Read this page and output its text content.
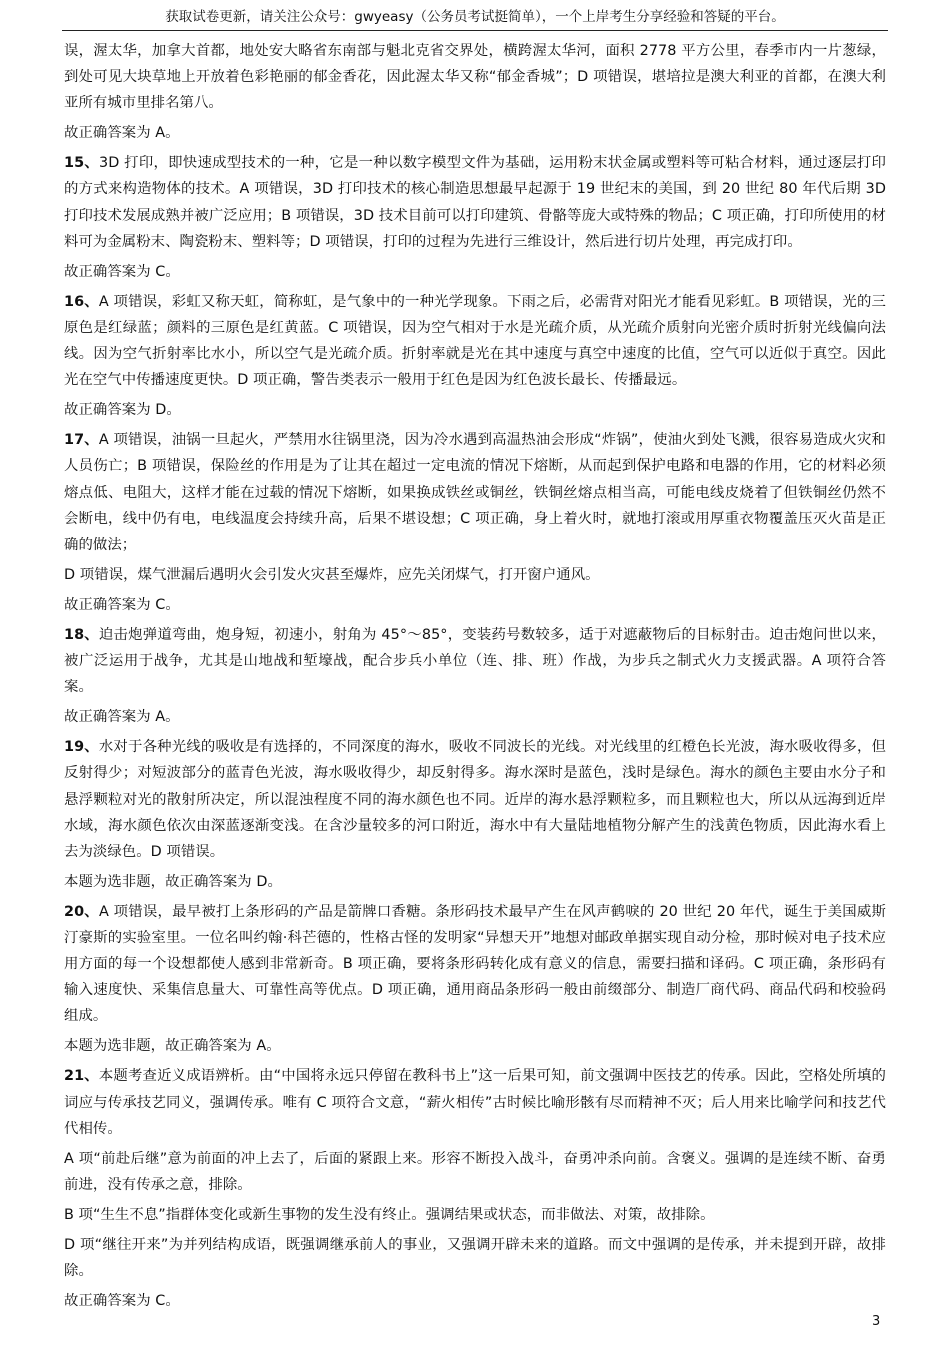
获取试卷更新，请关注公众号：gwyeasy（公务员考试挺简单），一个上岸考生分享经验和答疑的平台。

误，渥太华，加拿大首都，地处安大略省东南部与魁北克省交界处，横跨渥太华河，面积 2778 平方公里，春季市内一片葱绿，到处可见大块草地上开放着色彩艳丽的郁金香花，因此渥太华又称“郁金香城”；D 项错误，堪培拉是澳大利亚的首都，在澳大利亚所有城市里排名第八。

故正确答案为 A。

15、3D 打印，即快速成型技术的一种，它是一种以数字模型文件为基础，运用粉末状金属或塑料等可粘合材料，通过逐层打印的方式来构造物体的技术。A 项错误，3D 打印技术的核心制造思想最早起源于 19 世纪末的美国，到 20 世纪 80 年代后期 3D 打印技术发展成熟并被广泛应用；B 项错误，3D 技术目前可以打印建筑、骨骼等庞大或特殊的物品；C 项正确，打印所使用的材料可为金属粉末、陶瓷粉末、塑料等；D 项错误，打印的过程为先进行三维设计，然后进行切片处理，再完成打印。

故正确答案为 C。

16、A 项错误，彩虹又称天虹，简称虹，是气象中的一种光学现象。下雨之后，必需背对阳光才能看见彩虹。B 项错误，光的三原色是红绿蓝；颜料的三原色是红黄蓝。C 项错误，因为空气相对于水是光疏介质，从光疏介质射向光密介质时折射光线偏向法线。因为空气折射率比水小，所以空气是光疏介质。折射率就是光在其中速度与真空中速度的比值，空气可以近似于真空。因此光在空气中传播速度更快。D 项正确，警告类表示一般用于红色是因为红色波长最长、传播最远。

故正确答案为 D。

17、A 项错误，油锅一旦起火，严禁用水往锅里浇，因为冷水遇到高温热油会形成“炸锅”，使油火到处飞溅，很容易造成火灾和人员伤亡；B 项错误，保险丝的作用是为了让其在超过一定电流的情况下熔断，从而起到保护电路和电器的作用，它的材料必须熔点低、电阻大，这样才能在过载的情况下熔断，如果换成铁丝或铜丝，铁铜丝熔点相当高，可能电线皮烧着了但铁铜丝仍然不会断电，线中仍有电，电线温度会持续升高，后果不堪设想；C 项正确，身上着火时，就地打滚或用厚重衣物覆盖压灭火苗是正确的做法；

D 项错误，煤气泄漏后遇明火会引发火灾甚至爆炸，应先关闭煤气，打开窗户通风。

故正确答案为 C。

18、迫击炮弹道弯曲，炮身短，初速小，射角为 45°～85°，变装药号数较多，适于对遮蔽物后的目标射击。迫击炮问世以来，被广泛运用于战争，尤其是山地战和堑壕战，配合步兵小单位（连、排、班）作战，为步兵之制式火力支援武器。A 项符合答案。

故正确答案为 A。

19、水对于各种光线的吸收是有选择的，不同深度的海水，吸收不同波长的光线。对光线里的红橙色长光波，海水吸收得多，但反射得少；对短波部分的蓝青色光波，海水吸收得少，却反射得多。海水深时是蓝色，浅时是绿色。海水的颜色主要由水分子和悬浮颗粒对光的散射所决定，所以混浊程度不同的海水颜色也不同。近岸的海水悬浮颗粒多，而且颗粒也大，所以从远海到近岸水域，海水颜色依次由深蓝逐渐变浅。在含沙量较多的河口附近，海水中有大量陆地植物分解产生的浅黄色物质，因此海水看上去为淡绿色。D 项错误。

本题为选非题，故正确答案为 D。

20、A 项错误，最早被打上条形码的产品是箭牌口香糖。条形码技术最早产生在风声鹤唳的 20 世纪 20 年代，诞生于美国威斯汀豪斯的实验室里。一位名叫约翰·科芒德的，性格古怪的发明家“异想天开”地想对邮政单据实现自动分检，那时候对电子技术应用方面的每一个设想都使人感到非常新奇。B 项正确，要将条形码转化成有意义的信息，需要扫描和译码。C 项正确，条形码有输入速度快、采集信息量大、可靠性高等优点。D 项正确，通用商品条形码一般由前缀部分、制造厂商代码、商品代码和校验码组成。

本题为选非题，故正确答案为 A。

21、本题考查近义成语辨析。由“中国将永远只停留在教科书上”这一后果可知，前文强调中医技艺的传承。因此，空格处所填的词应与传承技艺同义，强调传承。唯有 C 项符合文意，“薪火相传”古时候比喻形骸有尽而精神不灭；后人用来比喻学问和技艺代代相传。

A 项“前赴后继”意为前面的冲上去了，后面的紧跟上来。形容不断投入战斗，奋勇冲杀向前。含褒义。强调的是连续不断、奋勇前进，没有传承之意，排除。

B 项“生生不息”指群体变化或新生事物的发生没有终止。强调结果或状态，而非做法、对策，故排除。

D 项“继往开来”为并列结构成语，既强调继承前人的事业，又强调开辟未来的道路。而文中强调的是传承，并未提到开辟，故排除。

故正确答案为 C。

3
